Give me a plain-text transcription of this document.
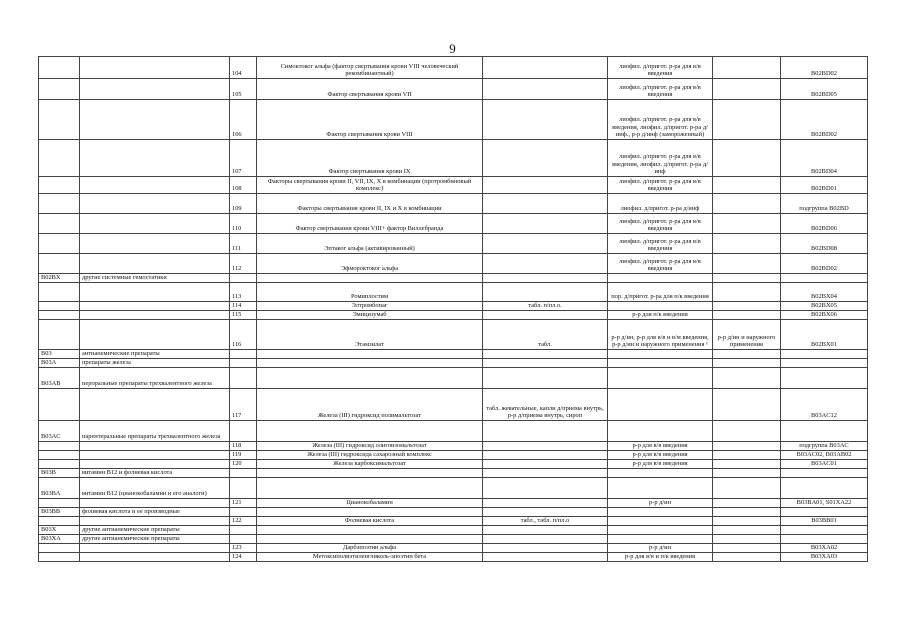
9
		104	Симоктоког альфа (фактор свертывания крови VIII человеческий рекомбинантный)		лиофил. д/пригот. р-ра для в/в введения		B02BD02
		105	Фактор свертывания крови VII		лиофил. д/пригот. р-ра для в/в введения		B02BD05
		106	Фактор свертывания крови VIII		лиофил. д/пригот. р-ра для в/в введения, лиофил. д/пригот. р-ра д/инф., р-р д/инф (замороженный)		B02BD02
		107	Фактор свертывания крови IX		лиофил. д/пригот. р-ра для в/в введения, лиофил. д/пригот. р-ра д/инф		B02BD04
		108	Факторы свертывания крови II, VII, IX, X в комбинации (протромбиновый комплекс)		лиофил. д/пригот. р-ра для в/в введения		B02BD01
		109	Факторы свертывания крови II, IX и X в комбинации		лиофил. д/пригот. р-ра д/инф		подгруппа B02BD
		110	Фактор свертывания крови VIII+ фактор Виллебранда		лиофил. д/пригот. р-ра для в/в введения		B02BD06
		111	Эптаког альфа (активированный)		лиофил. д/пригот. р-ра для в/в введения		B02BD08
		112	Эфмороктоког альфа		лиофил. д/пригот. р-ра для в/в введения		B02BD02
B02BX	другие системные гемостатики						
		113	Ромиплостим		пор. д/пригот. р-ра для п/к введения		B02BX04
		114	Элтромбопаг	табл. п/пл.о.			B02BX05
		115	Эмицизумаб		р-р для п/к введения		B02BX06
		116	Этамзилат	табл.	р-р д/ин, р-р для в/в и в/м введения, р-р д/ин и наружного применения ¹	р-р д/ин и наружного применения	B02BX01
B03	антианемические препараты						
B03A	препараты железа						
B03AB	пероральные препараты трехвалентного железа						
		117	Железа (III) гидроксид полимальтозат	табл. жевательные, капли д/приема внутрь, р-р д/приема внутрь, сироп			B03AC12
B03AC	парентеральные препараты трехвалентного железа						
		118	Железа (III) гидроксид олигоизомальтозат		р-р для в/в введения		подгруппа B03AC
		119	Железа (III) гидроксида сахарозный комплекс		р-р для в/в введения		B03AC02, B03AB02
		120	Железа карбоксимальтозат		р-р для в/в введения		B03AC01
B03B	витамин B12 и фолиевая кислота						
B03BA	витамин B12 (цианокобаламин и его аналоги)						
		121	Цианокобаламин		р-р д/ин		B03BA01, S01XA22
B03BB	фолиевая кислота и ее производные						
		122	Фолиевая кислота	табл., табл. п/пл.о			B03BB01
B03X	другие антианемические препараты						
B03XA	другие антианемические препараты						
		123	Дарбэпоэтин альфа		р-р д/ин		B03XA02
		124	Метоксиполиэтиленгликоль-эпоэтин бета		р-р для в/в и п/к введения		B03XA03
